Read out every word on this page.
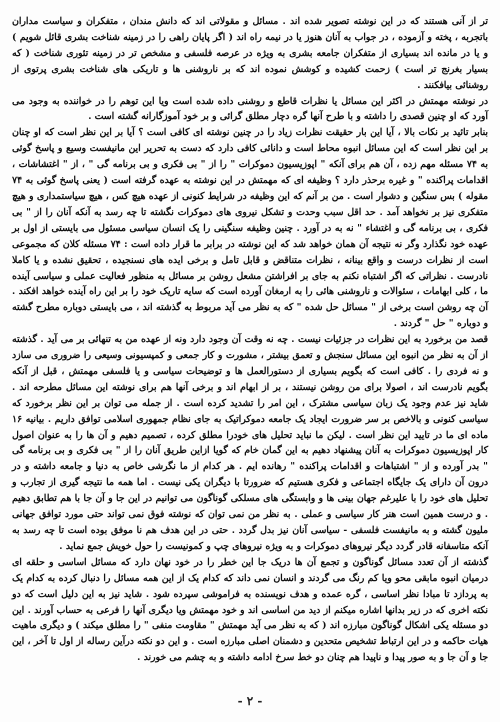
تر از آنی هستند که در این نوشته تصویر شده اند . مسائل و مقولاتی اند که دانش مندان ، متفکران و سیاست مداران باتجربه ، پخته و آزموده ، در جواب به آنان هنوز یا در نیمه راه اند ( اگر پایان راهی را در زمینه شناخت بشری قائل شویم ) و یا در مانده اند بسیاری از متفکران جامعه بشری به ویژه در عرصه فلسفی و مشخص تر در زمینه تئوری شناخت ( که بسیار بغرنج تر است ) زحمت کشیده و کوشش نموده اند که بر ناروشنی ها و تاریکی های شناخت بشری پرتوی از روشنائی بیافکنند .

در نوشته مهمتش در اکثر این مسائل یا نظرات قاطع و روشنی داده شده است ویا این توهم را در خواننده به وجود می آورد که او چنین قصدی را داشته و با طرح آنها گره دچار مطلق گرائی و بر خود آموزگارانه گشته است .

بنابر تائید بر نکات بالا ، آیا این بار حقیقت نظرات زیاد را در چنین نوشته ای کافی است ؟ آیا بر این نظر است که او چنان بر این نظر است که این مسائل انبوه محاط است و دانائی کافی دارد که دست به تحریر این مانیفست وسیع و پاسخ گوئی به ۷۴ مسئله مهم زده ، آن هم برای آنکه " اپوزیسیون دموکرات " را از " بی فکری و بی برنامه گی " ، از " اغتشاشات ، اقدامات پراکنده " و غیره برحذر دارد ؟ وظیفه ای که مهمتش در این نوشته به عهده گرفته است ( یعنی پاسخ گوئی به ۷۴ مقوله ) بس سنگین و دشوار است . من بر آنم که این وظیفه در شرایط کنونی از عهده هیچ کس ، هیچ سیاستمداری و هیچ متفکری نیز بر نخواهد آمد . حد اقل سبب وحدت و تشکل نیروی های دموکرات نگشته تا چه رسد به آنکه آنان را از " بی فکری ، بی برنامه گی و اغتشاء " نه به در آورد . چنین وظیفه سنگینی را یک انسان سیاسی مسئول می بایستی از اول بر عهده خود نگذارد وگر نه نتیجه آن همان خواهد شد که این نوشته در برابر ما قرار داده است : ۷۴ مسئله کلان که مجموعی است از نظرات درست و واقع بینانه ، نظرات متناقض و قابل تامل و برخی ایده های نسنجیده ، تحقیق نشده و یا کاملا نادرست . نظراتی که اگر اشتباه نکنم به جای بر افراشتن مشعل روشن بر مسائل به منظور فعالیت عملی و سیاسی آینده ما ، کلی ابهامات ، سئوالات و ناروشنی هائی را به ارمغان آورده است که سایه تاریک خود را بر این راه آینده خواهد افکند . آن چه روشن است برخی از " مسائل حل شده " که به نظر می آید مربوط به گذشته اند ، می بایستی دوباره مطرح گشته و دوباره " حل " گردند .

قصد من برخورد به این نظرات در جزئیات نیست . چه نه وقت آن وجود دارد ونه از عهده من به تنهائی بر می آید . گذشته از آن به نظر من انبوه این مسائل سنجش و تعمق بیشتر ، مشورت و کار جمعی و کمپسیونی وسیعی را ضروری می سازد و نه فردی را . کافی است که بگویم بسیاری از دستورالعمل ها و توضیحات سیاسی و یا فلسفی مهمتش ، قبل از آنکه بگویم نادرست اند ، اصولا برای من روشن نیستند ، بر از ابهام اند و برخی آنها هم برای نوشته این مسائل مطرحه اند . شاید نیز عدم وجود یک زبان سیاسی مشترک ، این امر را تشدید کرده است . از جمله می توان بر این نظر برخورد که سیاسی کنونی و بالاخص بر سر ضرورت ایجاد یک جامعه دموکراتیک به جای نظام جمهوری اسلامی توافق داریم . بیانیه ۱۶ ماده ای ما در تایید این نظر است . لیکن ما نباید تحلیل های خودرا مطلق کرده ، تصمیم دهیم و آن ها را به عنوان اصول کار اپوزیسیون دموکرات به آنان پیشنهاد دهیم به این گمان خام که گویا ازاین طریق آنان را از " بی فکری و بی برنامه گی " بدر آورده و از " اشتباهات و اقدامات پراکنده " رهانده ایم . هر کدام از ما نگرشی خاص به دنیا و جامعه داشته و در درون آن دارای یک جایگاه اجتماعی و فکری هستیم که ضرورتا با دیگران یکی نیست . اما همه ما نتیجه گیری از تجارب و تحلیل های خود را با علیرغم جهان بینی ها و وابستگی های مسلکی گوناگون می توانیم در این جا و آن جا با هم تطابق دهیم . و درست همین است هنر کار سیاسی و عملی . به نظر من نمی توان که نوشته فوق نمی تواند حتی مورد توافق جهانی ملیون گشته و به مانیفست فلسفی - سیاسی آنان نیز بدل گردد . حتی در این هدف هم نا موفق بوده است تا چه رسد به آنکه متاسفانه قادر گردد دیگر نیروهای دموکرات و به ویژه نیروهای چپ و کمونیست را حول خویش جمع نماید .

گذشته از آن تعدد مسائل گوناگون و تجمع آن ها دریک جا این خطر را در خود نهان دارد که مسائل اساسی و حلقه ای درمیان انبوه مابقی محو ویا کم رنگ می گردند و انسان نمی داند که کدام یک از این همه مسائل را دنبال کرده به کدام یک به پردازد تا مبادا نظر اساسی ، گره عمده و هدف نویسنده به فراموشی سپرده شود . شاید نیز به این دلیل است که دو نکته اخری که در زیر بدانها اشاره میکنم از دید من اساسی اند و خود مهمتش ویا دیگری آنها را فرعی به حساب آورند . این دو مسئله یکی اشکال گوناگون مبارزه اند ( که به نظر می آید مهمتش " مقاومت منفی " را مطلق میکند ) و دیگری ماهیت هیات حاکمه و در این ارتباط تشخیص متحدین و دشمنان اصلی مبارزه است . و این دو نکته درآین رساله از اول تا آخر ، این جا و آن جا و به صور پیدا و ناپیدا هم چنان دو خط سرخ ادامه داشته و به چشم می خورند .

- ۲ -
